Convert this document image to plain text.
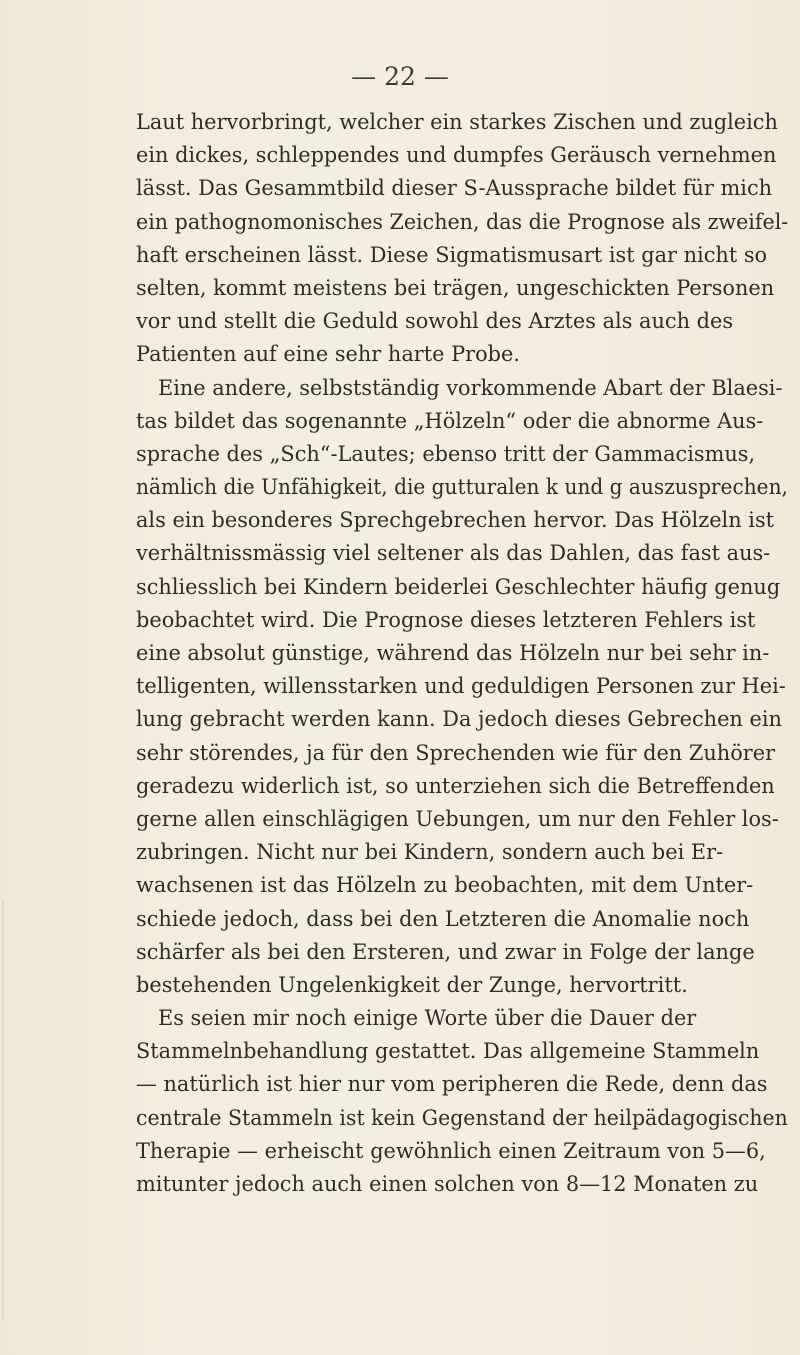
— 22 —
Laut hervorbringt, welcher ein starkes Zischen und zugleich
ein dickes, schleppendes und dumpfes Geräusch vernehmen
lässt. Das Gesammtbild dieser S-Aussprache bildet für mich
ein pathognomonisches Zeichen, das die Prognose als zweifel-
haft erscheinen lässt. Diese Sigmatismusart ist gar nicht so
selten, kommt meistens bei trägen, ungeschickten Personen
vor und stellt die Geduld sowohl des Arztes als auch des
Patienten auf eine sehr harte Probe.
Eine andere, selbstständig vorkommende Abart der Blaesi-
tas bildet das sogenannte „Hölzeln“ oder die abnorme Aus-
sprache des „Sch“-Lautes; ebenso tritt der Gammacismus,
nämlich die Unfähigkeit, die gutturalen k und g auszusprechen,
als ein besonderes Sprechgebrechen hervor. Das Hölzeln ist
verhältnissmässig viel seltener als das Dahlen, das fast aus-
schliesslich bei Kindern beiderlei Geschlechter häufig genug
beobachtet wird. Die Prognose dieses letzteren Fehlers ist
eine absolut günstige, während das Hölzeln nur bei sehr in-
telligenten, willensstarken und geduldigen Personen zur Hei-
lung gebracht werden kann. Da jedoch dieses Gebrechen ein
sehr störendes, ja für den Sprechenden wie für den Zuhörer
geradezu widerlich ist, so unterziehen sich die Betreffenden
gerne allen einschlägigen Uebungen, um nur den Fehler los-
zubringen. Nicht nur bei Kindern, sondern auch bei Er-
wachsenen ist das Hölzeln zu beobachten, mit dem Unter-
schiede jedoch, dass bei den Letzteren die Anomalie noch
schärfer als bei den Ersteren, und zwar in Folge der lange
bestehenden Ungelenkigkeit der Zunge, hervortritt.
Es seien mir noch einige Worte über die Dauer der
Stammelnbehandlung gestattet. Das allgemeine Stammeln
— natürlich ist hier nur vom peripheren die Rede, denn das
centrale Stammeln ist kein Gegenstand der heilpädagogischen
Therapie — erheischt gewöhnlich einen Zeitraum von 5—6,
mitunter jedoch auch einen solchen von 8—12 Monaten zu
